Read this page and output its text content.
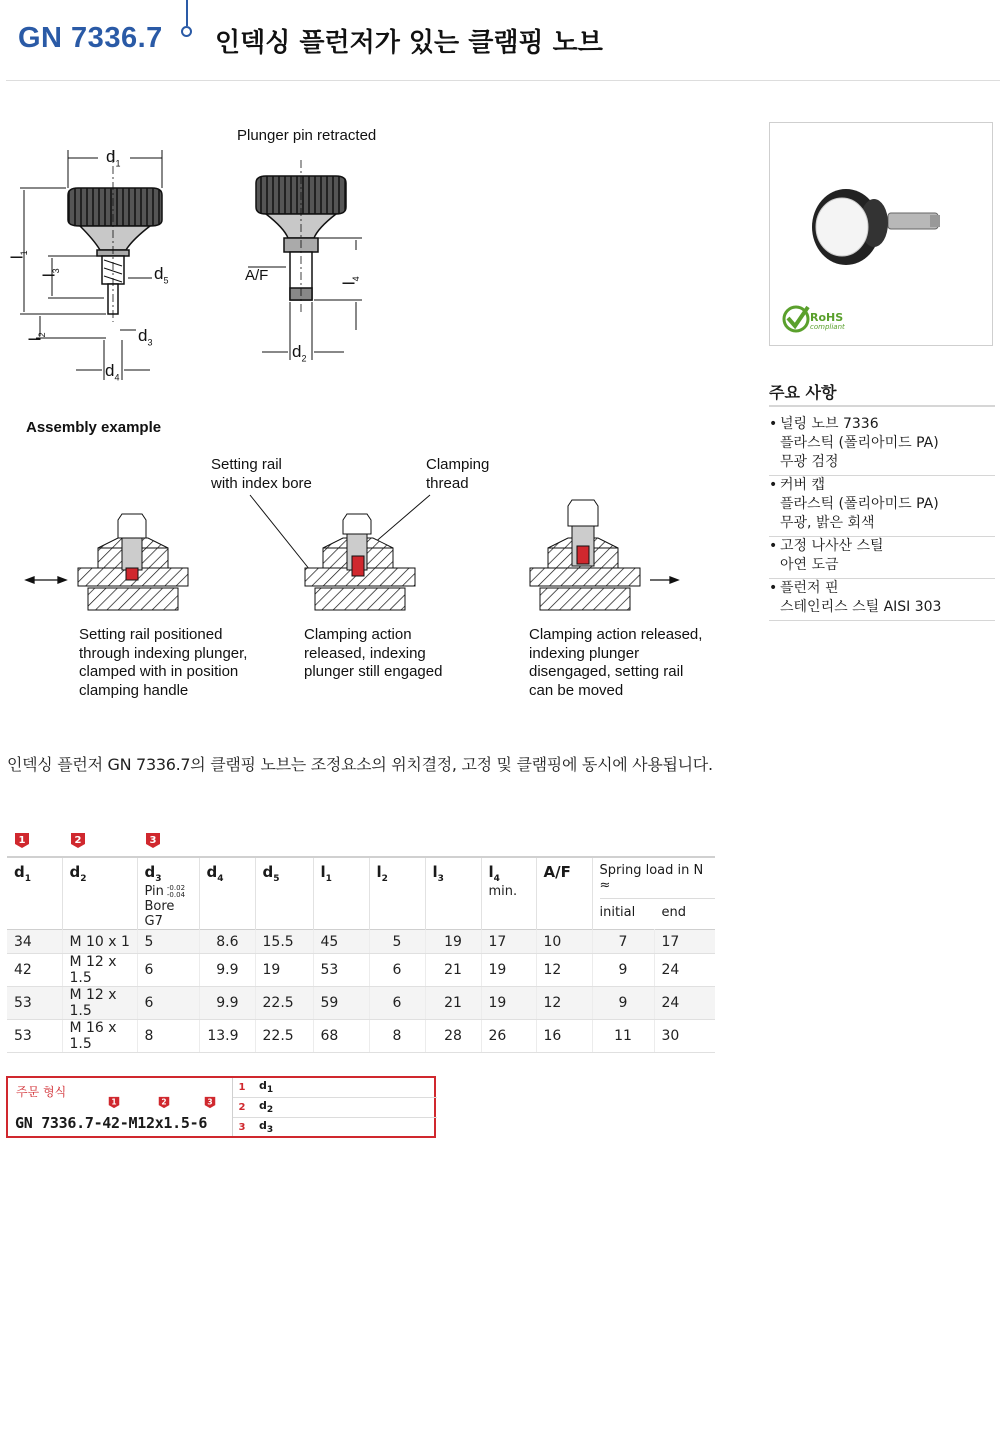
GN 7336.7 인덱싱 플런저가 있는 클램핑 노브
Plunger pin retracted
$d_1$
$l_1$
$l_3$	$d_5$
$l_2$	$d_3$
$d_4$
A/F	$l_4$
$d_2$
Assembly example
Setting rail
with index bore
Clamping
thread
Setting rail positioned
through indexing plunger,
clamped with in position
clamping handle
Clamping action
released, indexing
plunger still engaged
Clamping action released,
indexing plunger
disengaged, setting rail
can be moved
RoHS
compliant
주요 사항
• 널링 노브 7336
플라스틱 (폴리아미드 PA)
무광 검정
• 커버 캡
플라스틱 (폴리아미드 PA)
무광, 밝은 회색
• 고정 나사산 스틸
아연 도금
• 플런저 핀
스테인리스 스틸 AISI 303
인덱싱 플런저 GN 7336.7의 클램핑 노브는 조정요소의 위치결정, 고정 및 클램핑에 동시에 사용됩니다.
1	2	3
$d_1$	$d_2$	$d_3$
Pin -0.02
-0.04
Bore
G7	$d_4$	$d_5$	$l_1$	$l_2$	$l_3$	$l_4$
min.	A/F	Spring load in N ≈
initial end	

34	M 10 x 1	5	8.6	15.5	45	5	19	17	10	7	17
42	M 12 x 1.5	6	9.9	19	53	6	21	19	12	9	24
53	M 12 x 1.5	6	9.9	22.5	59	6	21	19	12	9	24
53	M 16 x 1.5	8	13.9	22.5	68	8	28	26	16	11	30
주문 형식
1	2	3
GN 7336.7-42-M12x1.5-6
1	$d_1$
2	$d_2$
3	$d_3$
